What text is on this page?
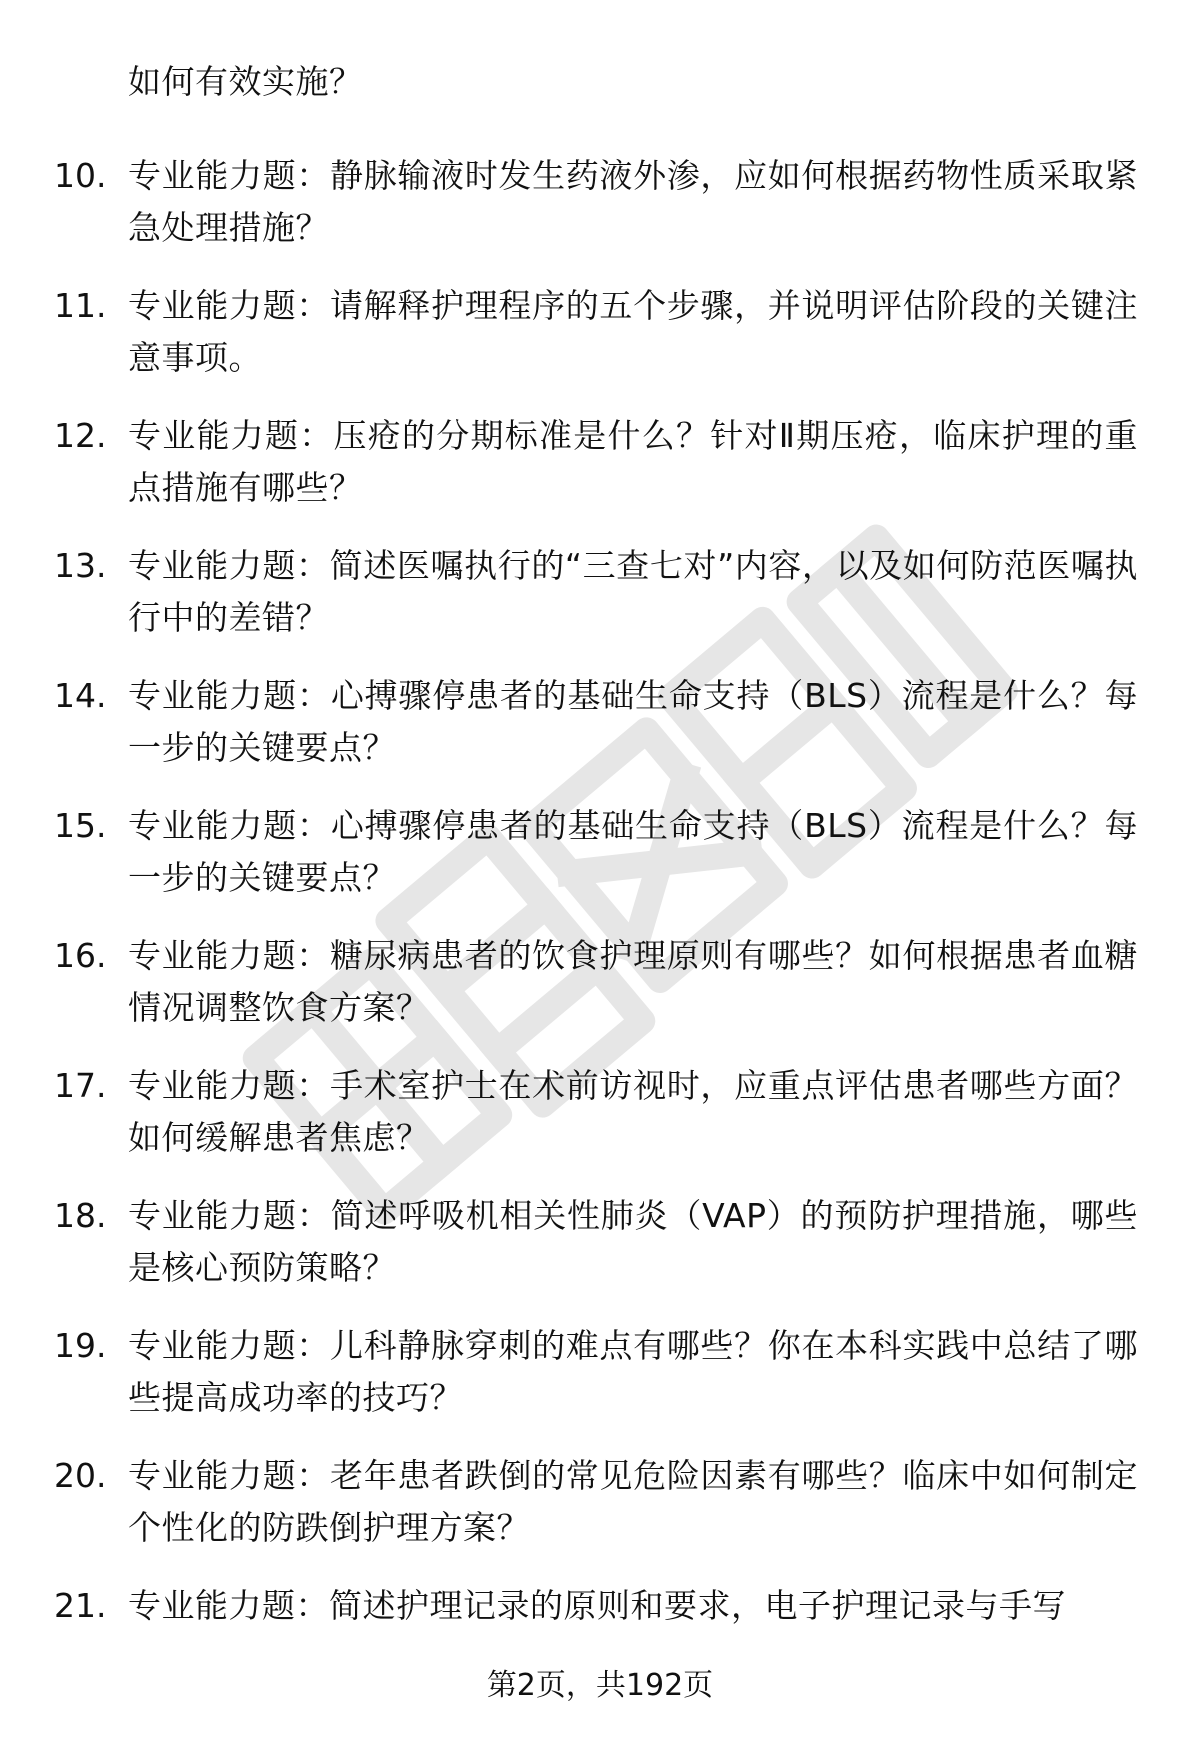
如何有效实施？
10. 专业能力题：静脉输液时发生药液外渗，应如何根据药物性质采取紧急处理措施？
11. 专业能力题：请解释护理程序的五个步骤，并说明评估阶段的关键注意事项。
12. 专业能力题：压疮的分期标准是什么？针对Ⅱ期压疮，临床护理的重点措施有哪些？
13. 专业能力题：简述医嘱执行的“三查七对”内容，以及如何防范医嘱执行中的差错？
14. 专业能力题：心搏骤停患者的基础生命支持（BLS）流程是什么？每一步的关键要点？
15. 专业能力题：心搏骤停患者的基础生命支持（BLS）流程是什么？每一步的关键要点？
16. 专业能力题：糖尿病患者的饮食护理原则有哪些？如何根据患者血糖情况调整饮食方案？
17. 专业能力题：手术室护士在术前访视时，应重点评估患者哪些方面？如何缓解患者焦虑？
18. 专业能力题：简述呼吸机相关性肺炎（VAP）的预防护理措施，哪些是核心预防策略？
19. 专业能力题：儿科静脉穿刺的难点有哪些？你在本科实践中总结了哪些提高成功率的技巧？
20. 专业能力题：老年患者跌倒的常见危险因素有哪些？临床中如何制定个性化的防跌倒护理方案？
21. 专业能力题：简述护理记录的原则和要求，电子护理记录与手写
第2页，共192页
